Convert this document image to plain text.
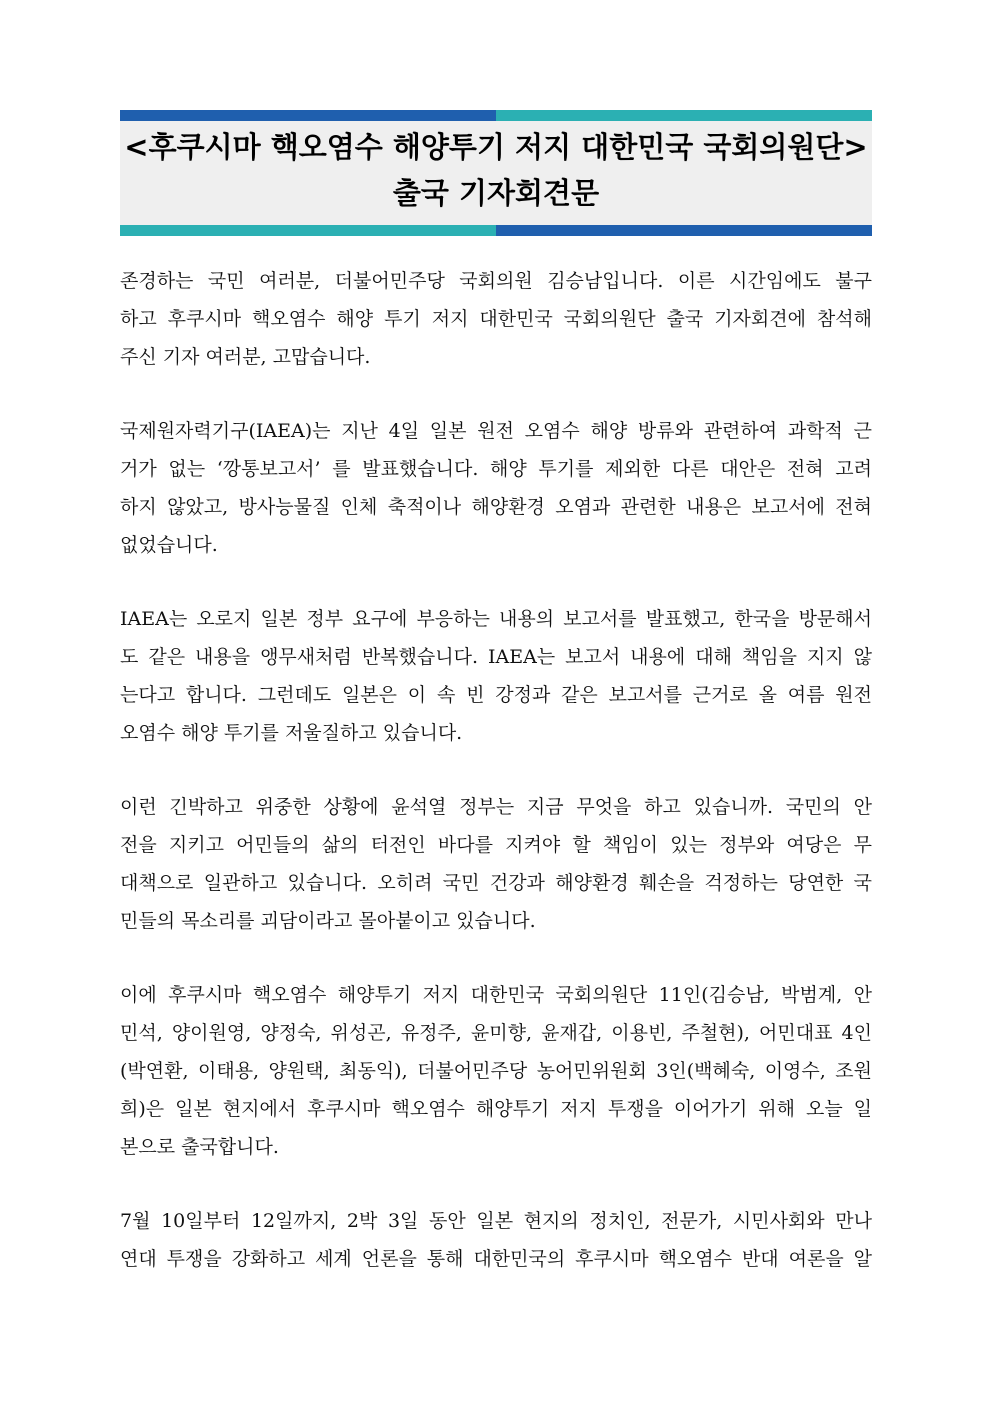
<후쿠시마 핵오염수 해양투기 저지 대한민국 국회의원단>
출국 기자회견문
존경하는 국민 여러분, 더불어민주당 국회의원 김승남입니다. 이른 시간임에도 불구
하고 후쿠시마 핵오염수 해양 투기 저지 대한민국 국회의원단 출국 기자회견에 참석해
주신 기자 여러분, 고맙습니다.
국제원자력기구(IAEA)는 지난 4일 일본 원전 오염수 해양 방류와 관련하여 과학적 근
거가 없는 ‘깡통보고서’ 를 발표했습니다. 해양 투기를 제외한 다른 대안은 전혀 고려
하지 않았고, 방사능물질 인체 축적이나 해양환경 오염과 관련한 내용은 보고서에 전혀
없었습니다.
IAEA는 오로지 일본 정부 요구에 부응하는 내용의 보고서를 발표했고, 한국을 방문해서
도 같은 내용을 앵무새처럼 반복했습니다. IAEA는 보고서 내용에 대해 책임을 지지 않
는다고 합니다. 그런데도 일본은 이 속 빈 강정과 같은 보고서를 근거로 올 여름 원전
오염수 해양 투기를 저울질하고 있습니다.
이런 긴박하고 위중한 상황에 윤석열 정부는 지금 무엇을 하고 있습니까. 국민의 안
전을 지키고 어민들의 삶의 터전인 바다를 지켜야 할 책임이 있는 정부와 여당은 무
대책으로 일관하고 있습니다. 오히려 국민 건강과 해양환경 훼손을 걱정하는 당연한 국
민들의 목소리를 괴담이라고 몰아붙이고 있습니다.
이에 후쿠시마 핵오염수 해양투기 저지 대한민국 국회의원단 11인(김승남, 박범계, 안
민석, 양이원영, 양정숙, 위성곤, 유정주, 윤미향, 윤재갑, 이용빈, 주철현), 어민대표 4인
(박연환, 이태용, 양원택, 최동익), 더불어민주당 농어민위원회 3인(백혜숙, 이영수, 조원
희)은 일본 현지에서 후쿠시마 핵오염수 해양투기 저지 투쟁을 이어가기 위해 오늘 일
본으로 출국합니다.
7월 10일부터 12일까지, 2박 3일 동안 일본 현지의 정치인, 전문가, 시민사회와 만나
연대 투쟁을 강화하고 세계 언론을 통해 대한민국의 후쿠시마 핵오염수 반대 여론을 알
